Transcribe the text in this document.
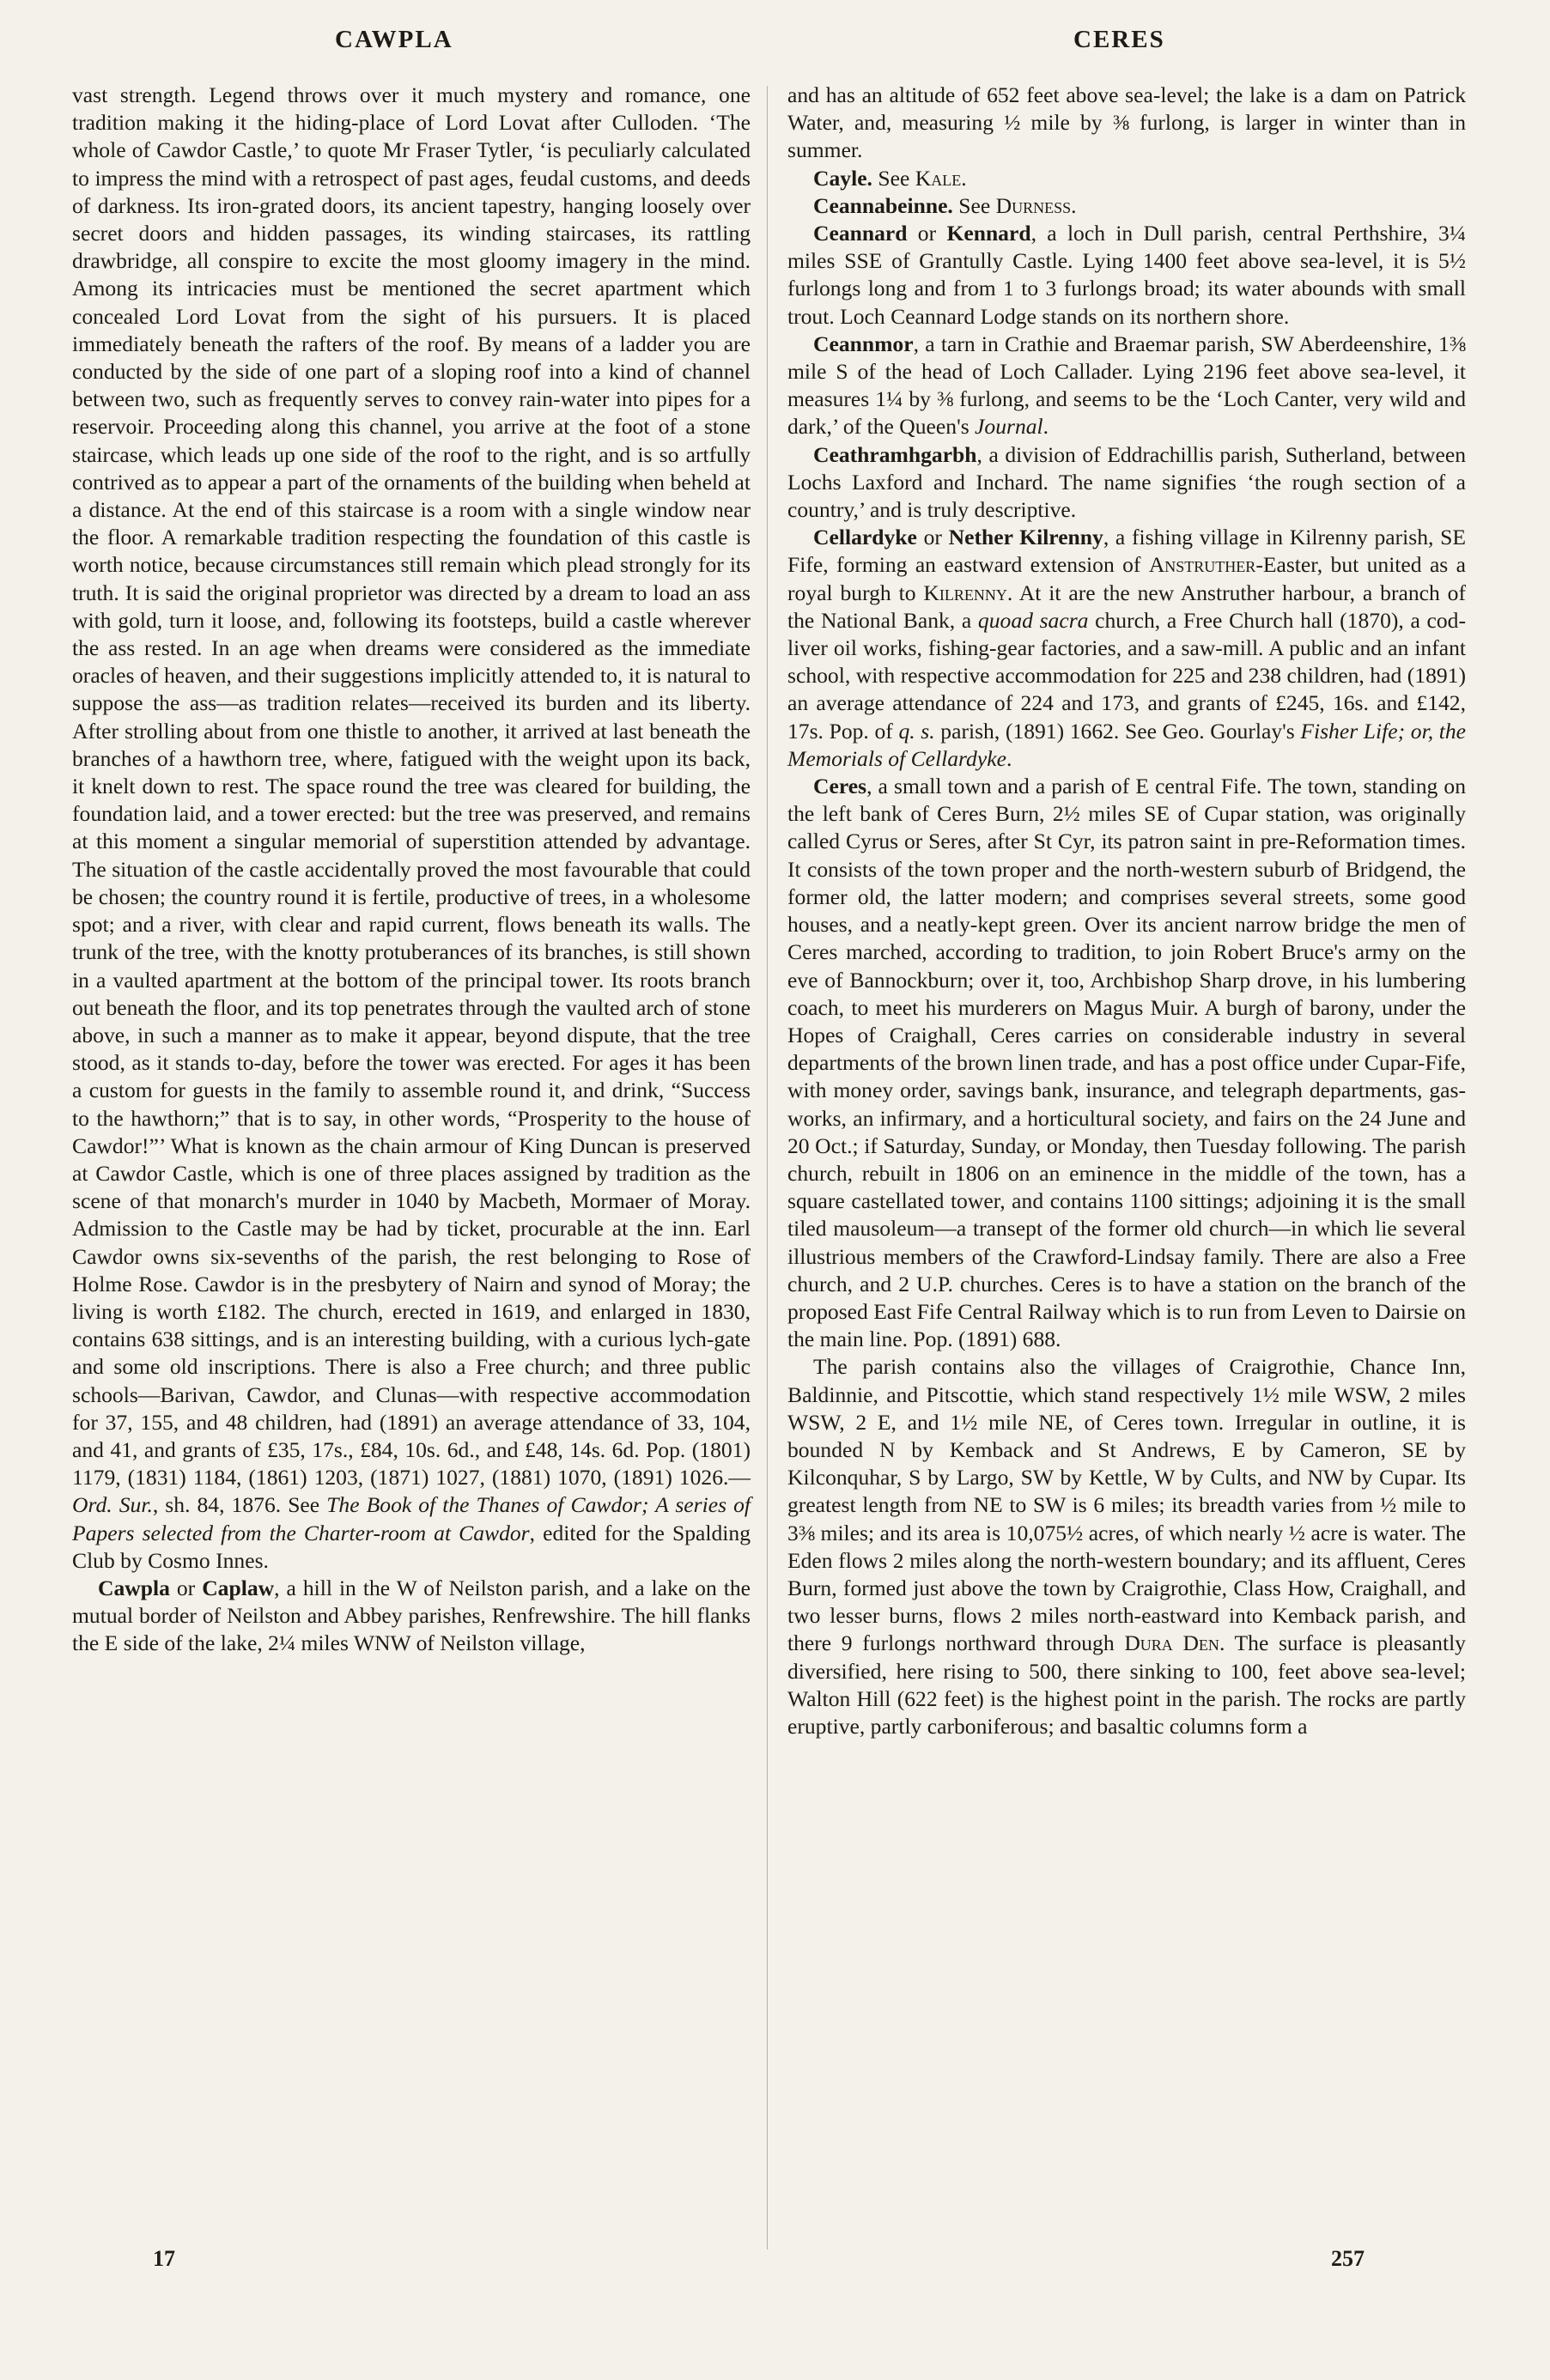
CAWPLA	CERES

vast strength. Legend throws over it much mystery and romance, one tradition making it the hiding-place of Lord Lovat after Culloden. ‘The whole of Cawdor Castle,’ to quote Mr Fraser Tytler, ‘is peculiarly calculated to impress the mind with a retrospect of past ages, feudal customs, and deeds of darkness. Its iron-grated doors, its ancient tapestry, hanging loosely over secret doors and hidden passages, its winding staircases, its rattling drawbridge, all conspire to excite the most gloomy imagery in the mind. Among its intricacies must be mentioned the secret apartment which concealed Lord Lovat from the sight of his pursuers. It is placed immediately beneath the rafters of the roof. By means of a ladder you are conducted by the side of one part of a sloping roof into a kind of channel between two, such as frequently serves to convey rain-water into pipes for a reservoir. Proceeding along this channel, you arrive at the foot of a stone staircase, which leads up one side of the roof to the right, and is so artfully contrived as to appear a part of the ornaments of the building when beheld at a distance. At the end of this staircase is a room with a single window near the floor. A remarkable tradition respecting the foundation of this castle is worth notice, because circumstances still remain which plead strongly for its truth. It is said the original proprietor was directed by a dream to load an ass with gold, turn it loose, and, following its footsteps, build a castle wherever the ass rested. In an age when dreams were considered as the immediate oracles of heaven, and their suggestions implicitly attended to, it is natural to suppose the ass—as tradition relates—received its burden and its liberty. After strolling about from one thistle to another, it arrived at last beneath the branches of a hawthorn tree, where, fatigued with the weight upon its back, it knelt down to rest. The space round the tree was cleared for building, the foundation laid, and a tower erected: but the tree was preserved, and remains at this moment a singular memorial of superstition attended by advantage. The situation of the castle accidentally proved the most favourable that could be chosen; the country round it is fertile, productive of trees, in a wholesome spot; and a river, with clear and rapid current, flows beneath its walls. The trunk of the tree, with the knotty protuberances of its branches, is still shown in a vaulted apartment at the bottom of the principal tower. Its roots branch out beneath the floor, and its top penetrates through the vaulted arch of stone above, in such a manner as to make it appear, beyond dispute, that the tree stood, as it stands to-day, before the tower was erected. For ages it has been a custom for guests in the family to assemble round it, and drink, “Success to the hawthorn;” that is to say, in other words, “Prosperity to the house of Cawdor!”’ What is known as the chain armour of King Duncan is preserved at Cawdor Castle, which is one of three places assigned by tradition as the scene of that monarch's murder in 1040 by Macbeth, Mormaer of Moray. Admission to the Castle may be had by ticket, procurable at the inn. Earl Cawdor owns six-sevenths of the parish, the rest belonging to Rose of Holme Rose. Cawdor is in the presbytery of Nairn and synod of Moray; the living is worth £182. The church, erected in 1619, and enlarged in 1830, contains 638 sittings, and is an interesting building, with a curious lych-gate and some old inscriptions. There is also a Free church; and three public schools—Barivan, Cawdor, and Clunas—with respective accommodation for 37, 155, and 48 children, had (1891) an average attendance of 33, 104, and 41, and grants of £35, 17s., £84, 10s. 6d., and £48, 14s. 6d. Pop. (1801) 1179, (1831) 1184, (1861) 1203, (1871) 1027, (1881) 1070, (1891) 1026.—Ord. Sur., sh. 84, 1876. See The Book of the Thanes of Cawdor; A series of Papers selected from the Charter-room at Cawdor, edited for the Spalding Club by Cosmo Innes.

Cawpla or Caplaw, a hill in the W of Neilston parish, and a lake on the mutual border of Neilston and Abbey parishes, Renfrewshire. The hill flanks the E side of the lake, 2¼ miles WNW of Neilston village,

and has an altitude of 652 feet above sea-level; the lake is a dam on Patrick Water, and, measuring ½ mile by ⅜ furlong, is larger in winter than in summer.

Cayle. See Kale.

Ceannabeinne. See Durness.

Ceannard or Kennard, a loch in Dull parish, central Perthshire, 3¼ miles SSE of Grantully Castle. Lying 1400 feet above sea-level, it is 5½ furlongs long and from 1 to 3 furlongs broad; its water abounds with small trout. Loch Ceannard Lodge stands on its northern shore.

Ceannmor, a tarn in Crathie and Braemar parish, SW Aberdeenshire, 1⅜ mile S of the head of Loch Callader. Lying 2196 feet above sea-level, it measures 1¼ by ⅜ furlong, and seems to be the ‘Loch Canter, very wild and dark,’ of the Queen's Journal.

Ceathramhgarbh, a division of Eddrachillis parish, Sutherland, between Lochs Laxford and Inchard. The name signifies ‘the rough section of a country,’ and is truly descriptive.

Cellardyke or Nether Kilrenny, a fishing village in Kilrenny parish, SE Fife, forming an eastward extension of Anstruther-Easter, but united as a royal burgh to Kilrenny. At it are the new Anstruther harbour, a branch of the National Bank, a quoad sacra church, a Free Church hall (1870), a cod-liver oil works, fishing-gear factories, and a saw-mill. A public and an infant school, with respective accommodation for 225 and 238 children, had (1891) an average attendance of 224 and 173, and grants of £245, 16s. and £142, 17s. Pop. of q. s. parish, (1891) 1662. See Geo. Gourlay's Fisher Life; or, the Memorials of Cellardyke.

Ceres, a small town and a parish of E central Fife. The town, standing on the left bank of Ceres Burn, 2½ miles SE of Cupar station, was originally called Cyrus or Seres, after St Cyr, its patron saint in pre-Reformation times. It consists of the town proper and the north-western suburb of Bridgend, the former old, the latter modern; and comprises several streets, some good houses, and a neatly-kept green. Over its ancient narrow bridge the men of Ceres marched, according to tradition, to join Robert Bruce's army on the eve of Bannockburn; over it, too, Archbishop Sharp drove, in his lumbering coach, to meet his murderers on Magus Muir. A burgh of barony, under the Hopes of Craighall, Ceres carries on considerable industry in several departments of the brown linen trade, and has a post office under Cupar-Fife, with money order, savings bank, insurance, and telegraph departments, gas-works, an infirmary, and a horticultural society, and fairs on the 24 June and 20 Oct.; if Saturday, Sunday, or Monday, then Tuesday following. The parish church, rebuilt in 1806 on an eminence in the middle of the town, has a square castellated tower, and contains 1100 sittings; adjoining it is the small tiled mausoleum—a transept of the former old church—in which lie several illustrious members of the Crawford-Lindsay family. There are also a Free church, and 2 U.P. churches. Ceres is to have a station on the branch of the proposed East Fife Central Railway which is to run from Leven to Dairsie on the main line. Pop. (1891) 688.

The parish contains also the villages of Craigrothie, Chance Inn, Baldinnie, and Pitscottie, which stand respectively 1½ mile WSW, 2 miles WSW, 2 E, and 1½ mile NE, of Ceres town. Irregular in outline, it is bounded N by Kemback and St Andrews, E by Cameron, SE by Kilconquhar, S by Largo, SW by Kettle, W by Cults, and NW by Cupar. Its greatest length from NE to SW is 6 miles; its breadth varies from ½ mile to 3⅜ miles; and its area is 10,075½ acres, of which nearly ½ acre is water. The Eden flows 2 miles along the north-western boundary; and its affluent, Ceres Burn, formed just above the town by Craigrothie, Class How, Craighall, and two lesser burns, flows 2 miles north-eastward into Kemback parish, and there 9 furlongs northward through Dura Den. The surface is pleasantly diversified, here rising to 500, there sinking to 100, feet above sea-level; Walton Hill (622 feet) is the highest point in the parish. The rocks are partly eruptive, partly carboniferous; and basaltic columns form a

17	257
